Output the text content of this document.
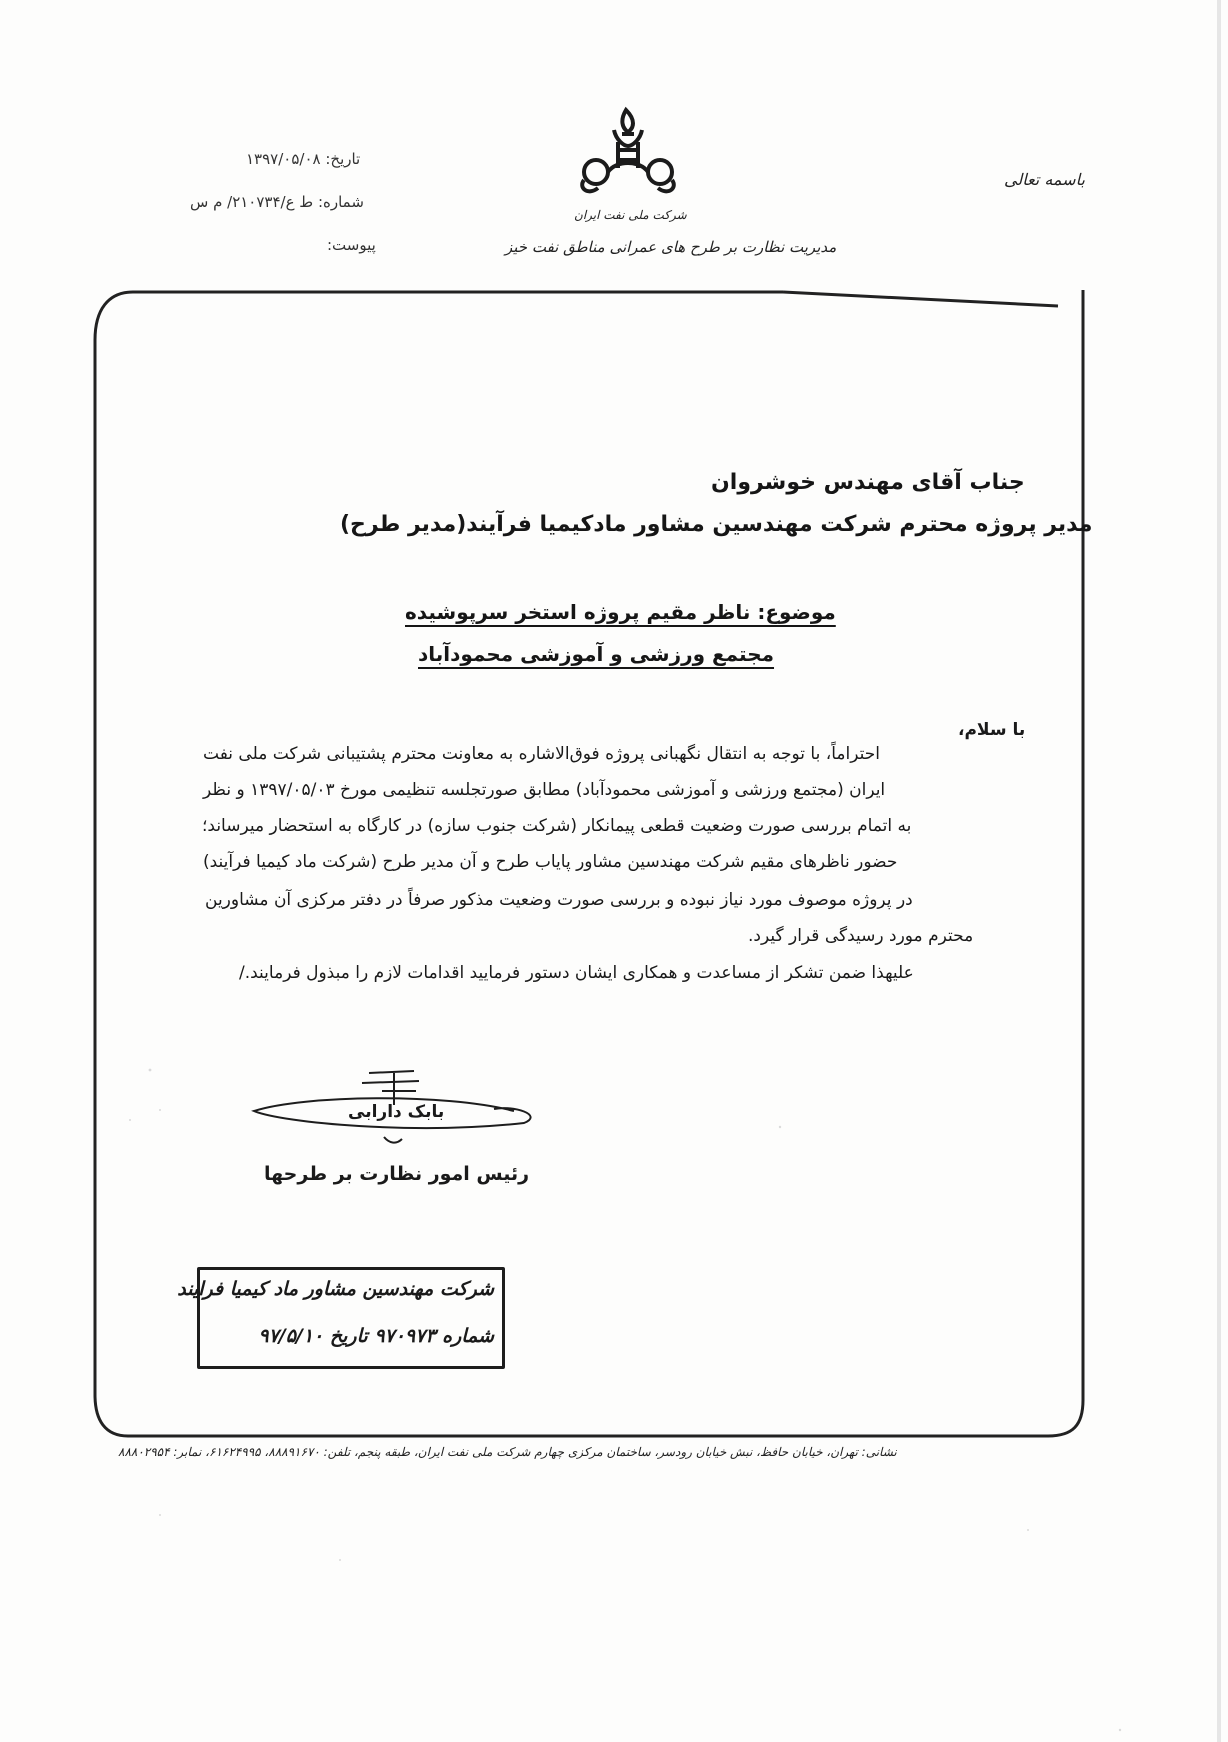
شرکت ملی نفت ایران
مدیریت نظارت بر طرح های عمرانی مناطق نفت خیز
باسمه تعالی
تاریخ: ۱۳۹۷/۰۵/۰۸
شماره: ط ع/۲۱۰۷۳۴/ م س
پیوست:
جناب آقای مهندس خوشروان
مدیر پروژه محترم شرکت مهندسین مشاور مادکیمیا فرآیند(مدیر طرح)
موضوع: ناظر مقیم پروژه استخر سرپوشیده
مجتمع ورزشی و آموزشی محمودآباد
با سلام،
احتراماً، با توجه به انتقال نگهبانی پروژه فوق‌الاشاره به معاونت محترم پشتیبانی شرکت ملی نفت
ایران (مجتمع ورزشی و آموزشی محمودآباد) مطابق صورتجلسه تنظیمی مورخ ۱۳۹۷/۰۵/۰۳ و نظر
به اتمام بررسی صورت وضعیت قطعی پیمانکار (شرکت جنوب سازه) در کارگاه به استحضار میرساند؛
حضور ناظرهای مقیم شرکت مهندسین مشاور پایاب طرح و آن مدیر طرح (شرکت ماد کیمیا فرآیند)
در پروژه موصوف مورد نیاز نبوده و بررسی صورت وضعیت مذکور صرفاً در دفتر مرکزی آن مشاورین
محترم مورد رسیدگی قرار گیرد.
علیهذا ضمن تشکر از مساعدت و همکاری ایشان دستور فرمایید اقدامات لازم را مبذول فرمایند./
بابک دارابی
رئیس امور نظارت بر طرحها
شرکت مهندسین مشاور ماد کیمیا فرایند
شماره ۹۷۰۹۷۳ تاریخ ۹۷/۵/۱۰
نشانی: تهران، خیابان حافظ، نبش خیابان رودسر، ساختمان مرکزی چهارم شرکت ملی نفت ایران، طبقه پنجم، تلفن: ۸۸۸۹۱۶۷۰، ۶۱۶۲۴۹۹۵، نمابر: ۸۸۸۰۲۹۵۴
